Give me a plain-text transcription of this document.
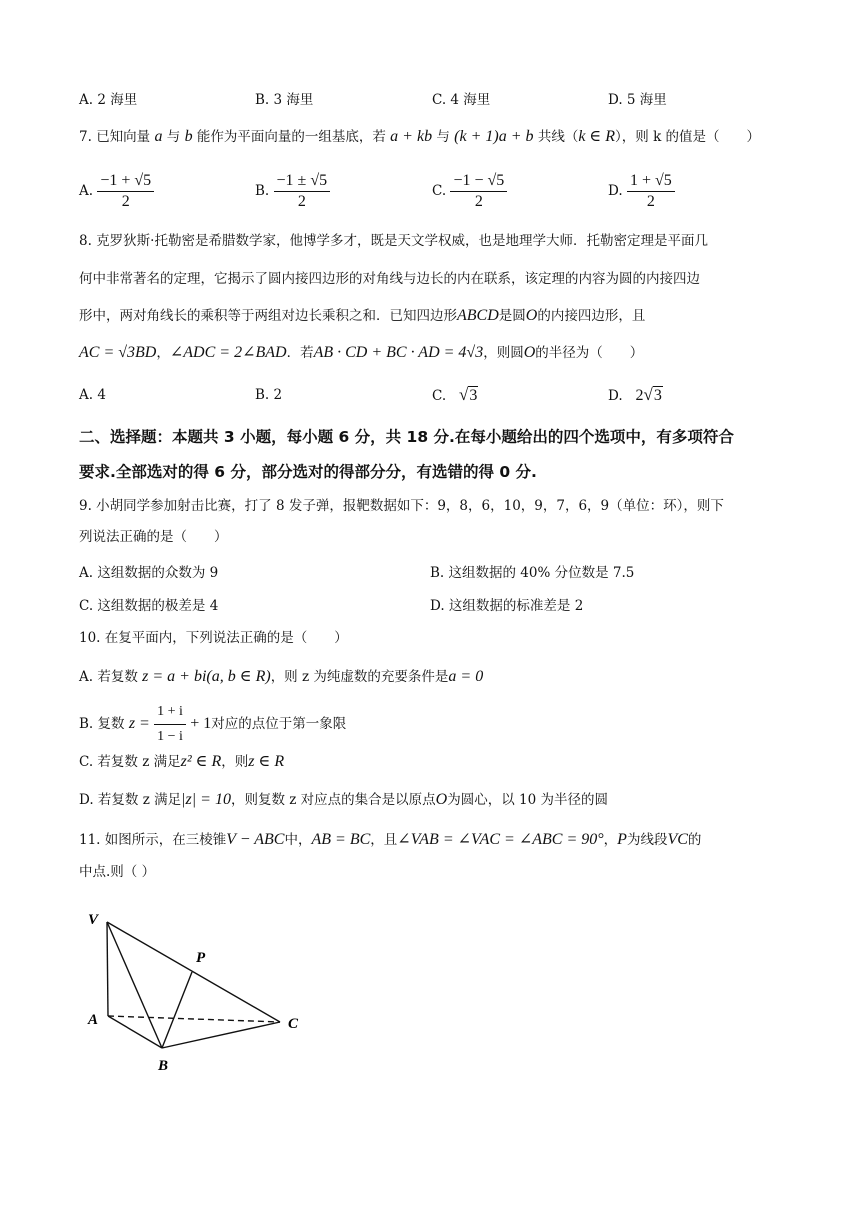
A. 2 海里	B. 3 海里	C. 4 海里	D. 5 海里
7. 已知向量 a 与 b 能作为平面向量的一组基底，若 a + kb 与 (k + 1)a + b 共线（k ∈ R），则 k 的值是（　　）
A. $\frac{-1 + √5}{2}$	B. $\frac{-1 \pm √5}{2}$	C. $\frac{-1 - √5}{2}$	D. $\frac{1 + √5}{2}$
8. 克罗狄斯·托勒密是希腊数学家，他博学多才，既是天文学权威，也是地理学大师．托勒密定理是平面几
何中非常著名的定理，它揭示了圆内接四边形的对角线与边长的内在联系，该定理的内容为圆的内接四边
形中，两对角线长的乘积等于两组对边长乘积之和．已知四边形ABCD是圆O的内接四边形，且
AC = √3BD，∠ADC = 2∠BAD．若AB · CD + BC · AD = 4√3，则圆O的半径为（　　）
A. 4	B. 2	C. √3	D. 2√3
二、选择题：本题共 3 小题，每小题 6 分，共 18 分.在每小题给出的四个选项中，有多项符合
要求.全部选对的得 6 分，部分选对的得部分分，有选错的得 0 分.
9. 小胡同学参加射击比赛，打了 8 发子弹，报靶数据如下：9，8，6，10，9，7，6，9（单位：环），则下
列说法正确的是（　　）
A. 这组数据的众数为 9	B. 这组数据的 40% 分位数是 7.5
C. 这组数据的极差是 4	D. 这组数据的标准差是 2
10. 在复平面内，下列说法正确的是（　　）
A. 若复数 z = a + bi(a, b ∈ R)，则 z 为纯虚数的充要条件是a = 0
B. 复数 $z = \frac{1 + i}{1 - i} + 1$对应的点位于第一象限
C. 若复数 z 满足z² ∈ R，则z ∈ R
D. 若复数 z 满足|z| = 10，则复数 z 对应点的集合是以原点O为圆心，以 10 为半径的圆
11. 如图所示，在三棱锥V − ABC中，AB = BC，且∠VAB = ∠VAC = ∠ABC = 90°，P为线段VC的
中点.则（ ）
V
P
A	C
B
